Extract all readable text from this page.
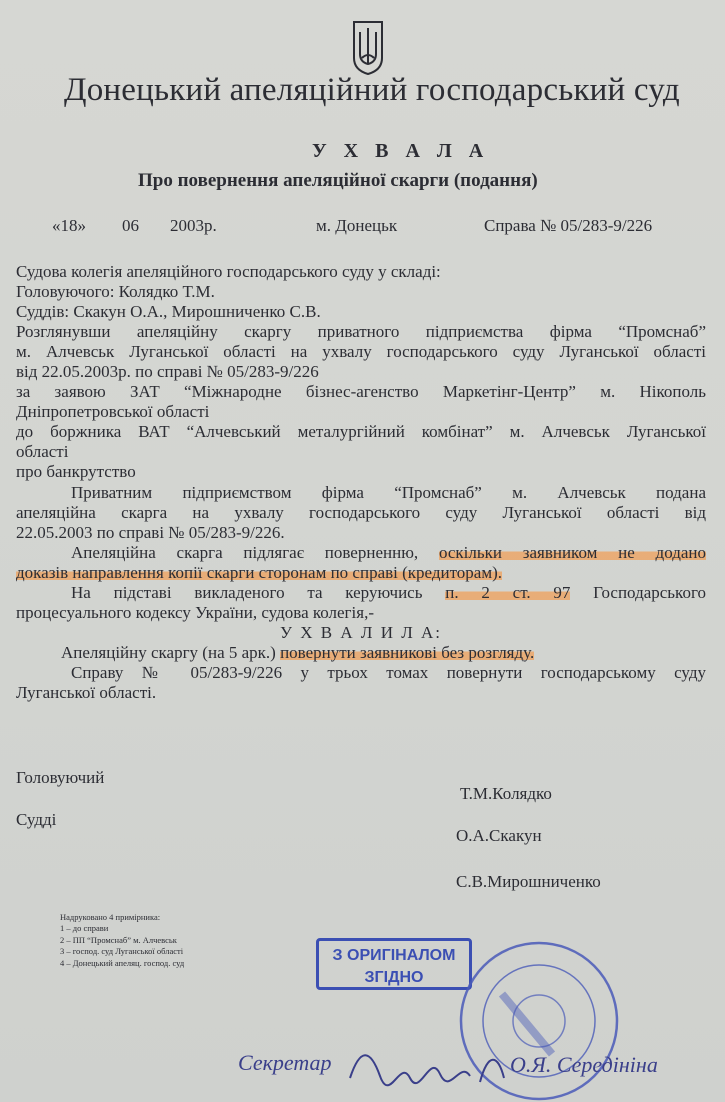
Донецький апеляційний господарський суд
У Х В А Л А
Про повернення апеляційної скарги (подання)
«18» 06 2003р.	м. Донецьк	Справа № 05/283-9/226
Судова колегія апеляційного господарського суду у складі:
Головуючого: Колядко Т.М.
Суддів: Скакун О.А., Мирошниченко С.В.
Розглянувши апеляційну скаргу приватного підприємства фірма “Промснаб”
м. Алчевськ Луганської області на ухвалу господарського суду Луганської області
від 22.05.2003р. по справі № 05/283-9/226
за заявою ЗАТ “Міжнародне бізнес-агенство Маркетінг-Центр” м. Нікополь
Дніпропетровської області
до боржника ВАТ “Алчевський металургійний комбінат” м. Алчевськ Луганської
області
про банкрутство
Приватним підприємством фірма “Промснаб” м. Алчевськ подана
апеляційна скарга на ухвалу господарського суду Луганської області від
22.05.2003 по справі № 05/283-9/226.
Апеляційна скарга підлягає поверненню, оскільки заявником не додано
доказів направлення копії скарги сторонам по справі (кредиторам).
На підставі викладеного та керуючись п. 2 ст. 97 Господарського
процесуального кодексу України, судова колегія,-
У Х В А Л И Л А:
Апеляційну скаргу (на 5 арк.) повернути заявникові без розгляду.
Справу № 05/283-9/226 у трьох томах повернути господарському суду
Луганської області.
Головуючий
Т.М.Колядко
Судді
О.А.Скакун
С.В.Мирошниченко
Надруковано 4 примірника:
1 – до справи
2 – ПП “Промснаб” м. Алчевськ
3 – господ. суд Луганської області
4 – Донецький апеляц. господ. суд	З ОРИГІНАЛОМ
ЗГІДНО
Секретар	О.Я. Середініна
